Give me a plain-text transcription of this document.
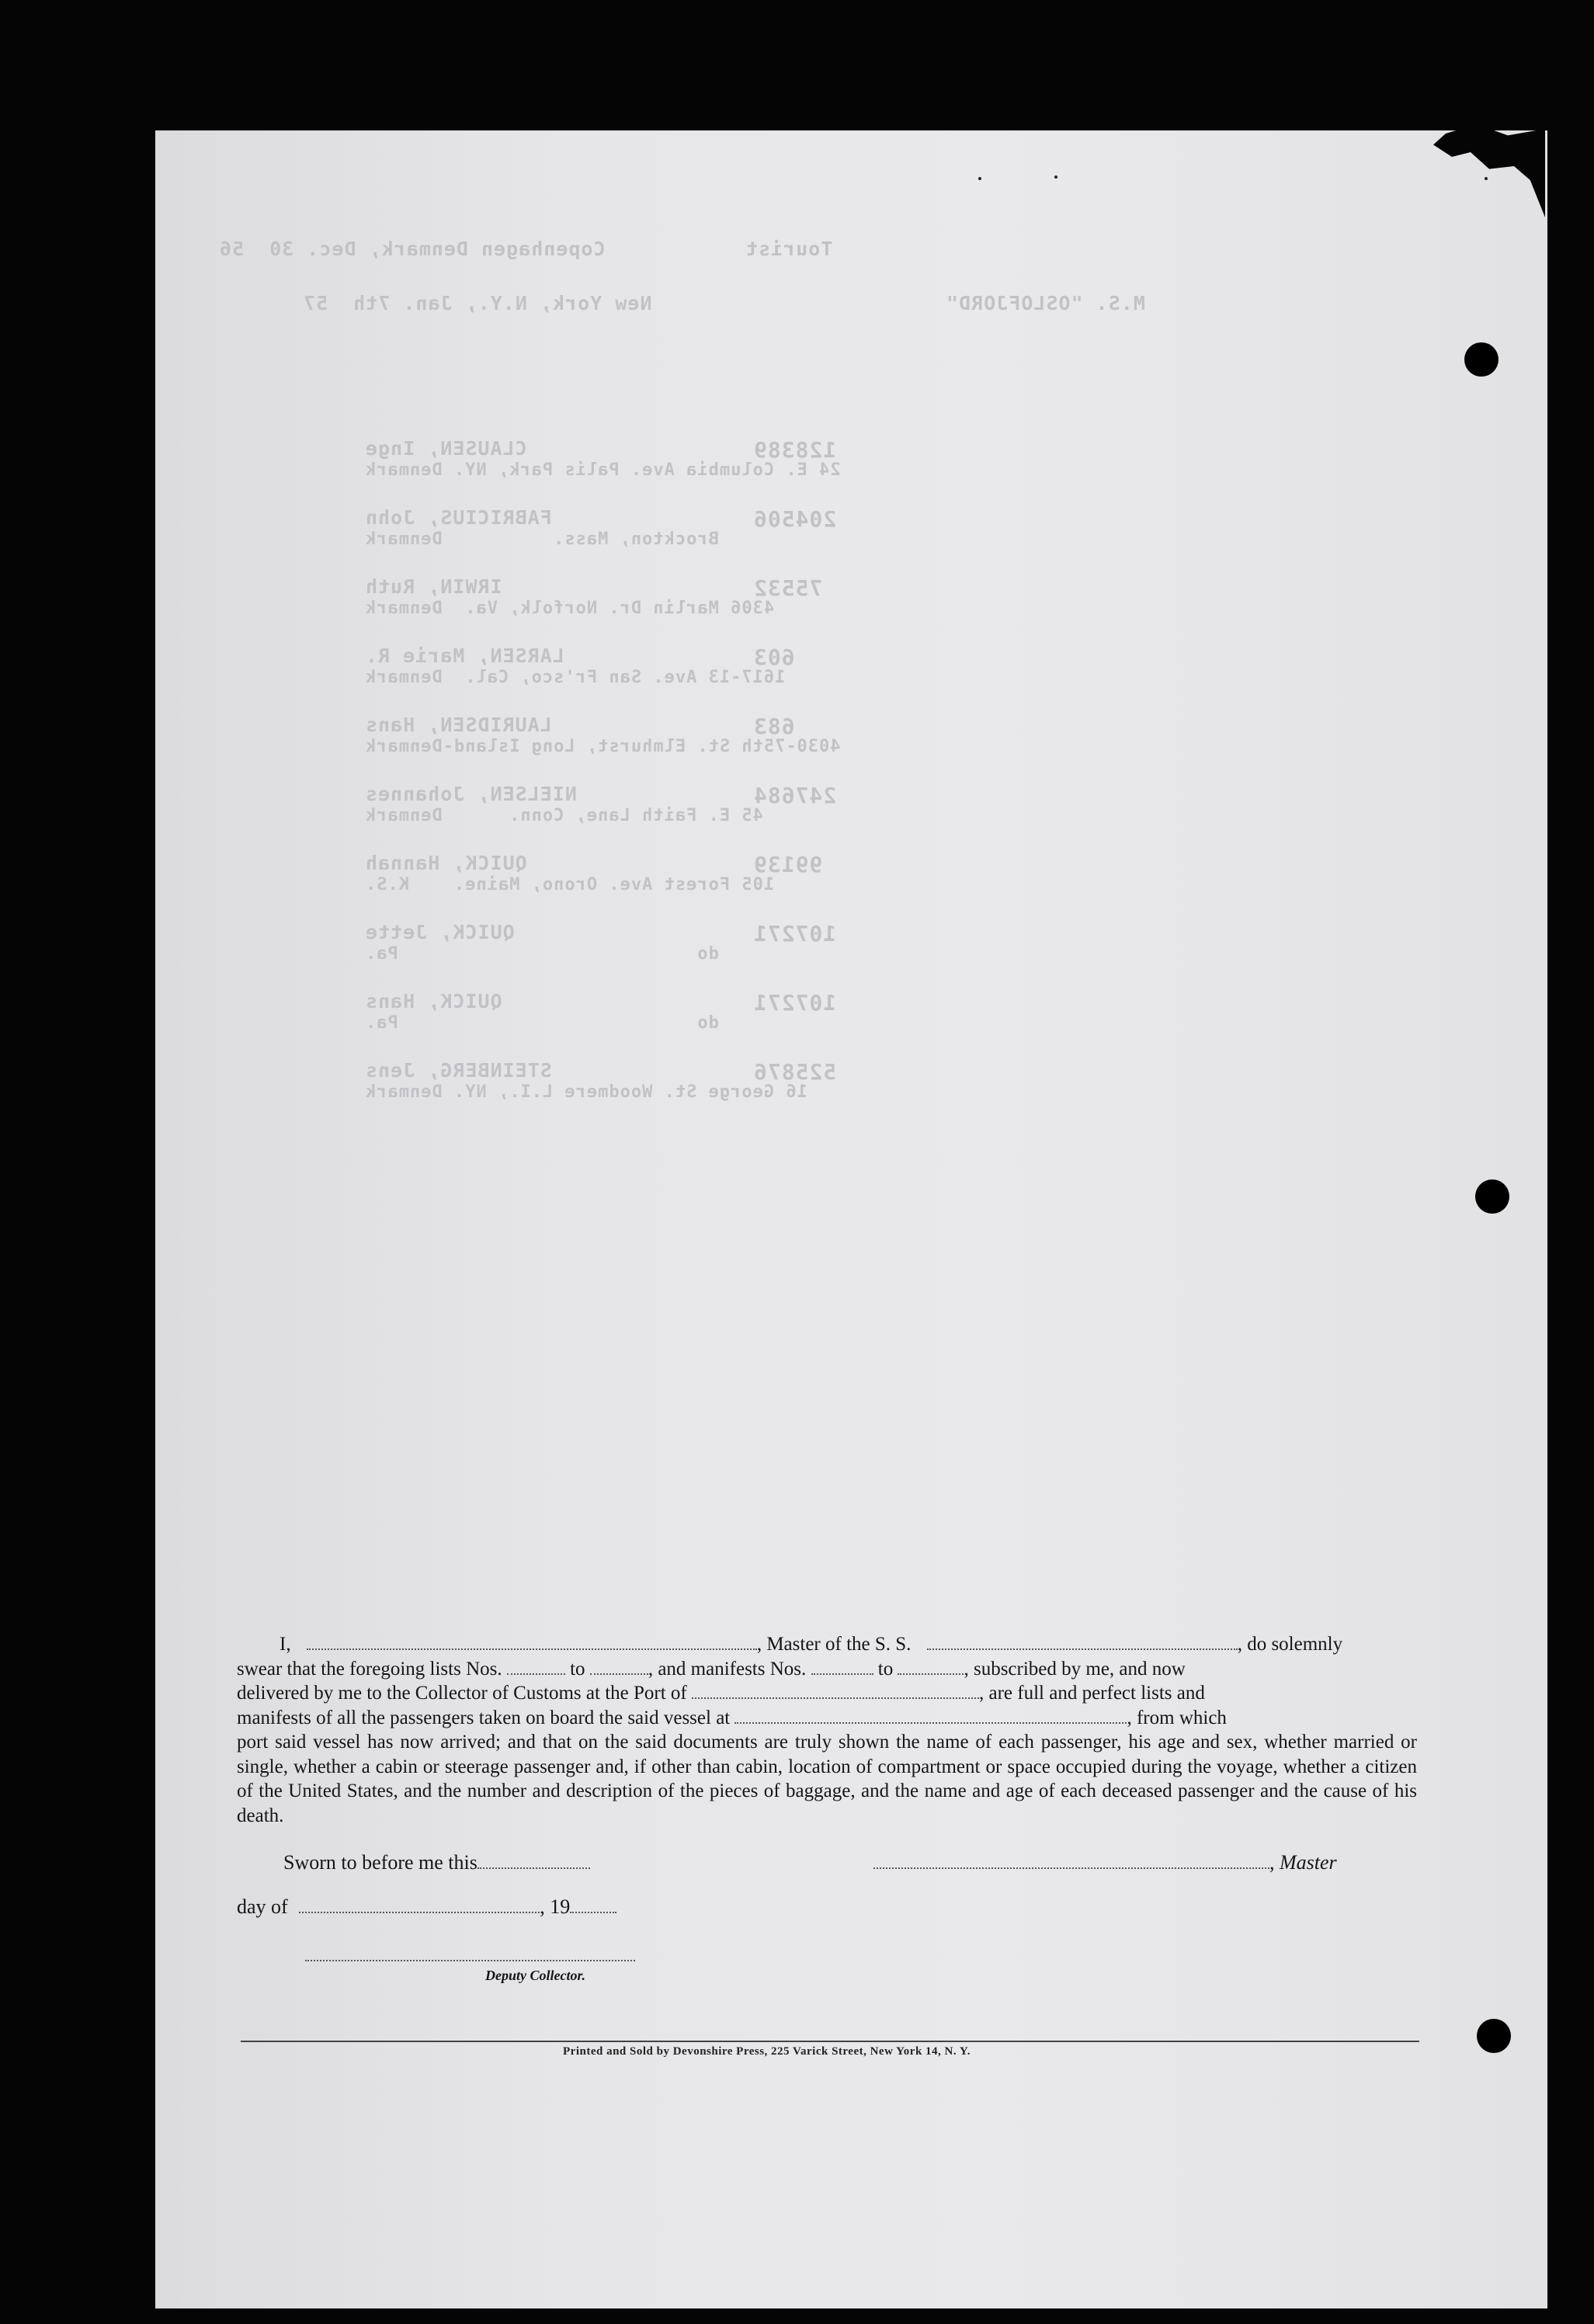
Tourist
Copenhagen Denmark, Dec. 30  56
M.S. "OSLOFJORD"
New York, N.Y., Jan. 7th  57
CLAUSEN, Inge	128389
24 E. Columbia Ave. Palis Park, NY. Denmark
FABRICIUS, John	204506
Brockton, Mass.          Denmark
IRWIN, Ruth	75532
4306 Marlin Dr. Norfolk, Va.  Denmark
LARSEN, Marie R.	603
1617-13 Ave. San Fr'sco, Cal.  Denmark
LAURIDSEN, Hans	683
4030-75th St. Elmhurst, Long Island-Denmark
NIELSEN, Johannes	247684
45 E. Faith Lane, Conn.      Denmark
QUICK, Hannah	99139
105 Forest Ave. Orono, Maine.    K.S.
QUICK, Jette	107271
do                           Pa.
QUICK, Hans	107271
do                           Pa.
STEINBERG, Jens	525876
16 George St. Woodmere L.I., NY. Denmark

I,	, Master of the S. S.	, do solemnly

swear that the foregoing lists Nos.	to	, and manifests Nos.	to	, subscribed by me, and now

delivered by me to the Collector of Customs at the Port of	, are full and perfect lists and

manifests of all the passengers taken on board the said vessel at	, from which

port said vessel has now arrived; and that on the said documents are truly shown the name of each passenger, his age and sex, whether married or single, whether a cabin or steerage passenger and, if other than cabin, location of compartment or space occupied during the voyage, whether a citizen of the United States, and the number and description of the pieces of baggage, and the name and age of each deceased passenger and the cause of his death.

Sworn to before me this	, Master
day of	, 19
Deputy Collector.
Printed and Sold by Devonshire Press, 225 Varick Street, New York 14, N. Y.
